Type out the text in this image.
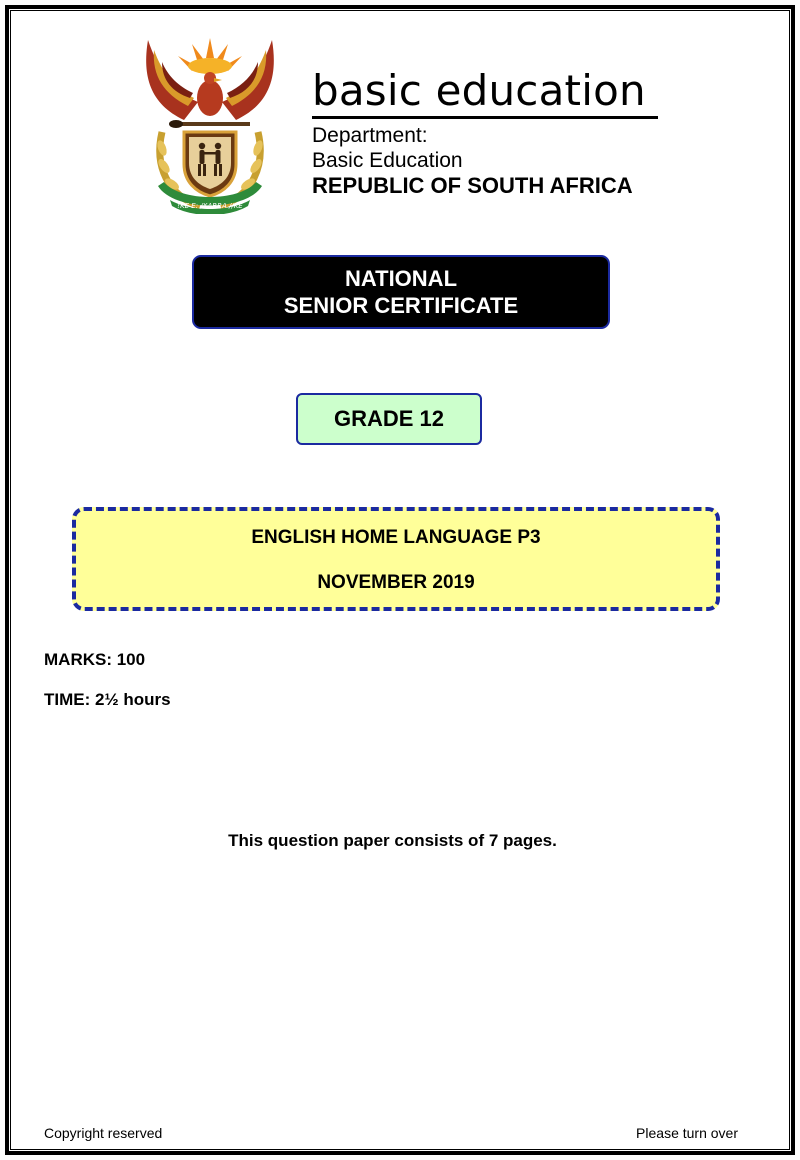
!KE E: /XARRA //KE
basic education
Department:
Basic Education
REPUBLIC OF SOUTH AFRICA
NATIONAL
SENIOR CERTIFICATE
GRADE 12
ENGLISH HOME LANGUAGE P3
NOVEMBER 2019
MARKS: 100
TIME: 2½ hours
This question paper consists of 7 pages.
Copyright reserved	Please turn over
